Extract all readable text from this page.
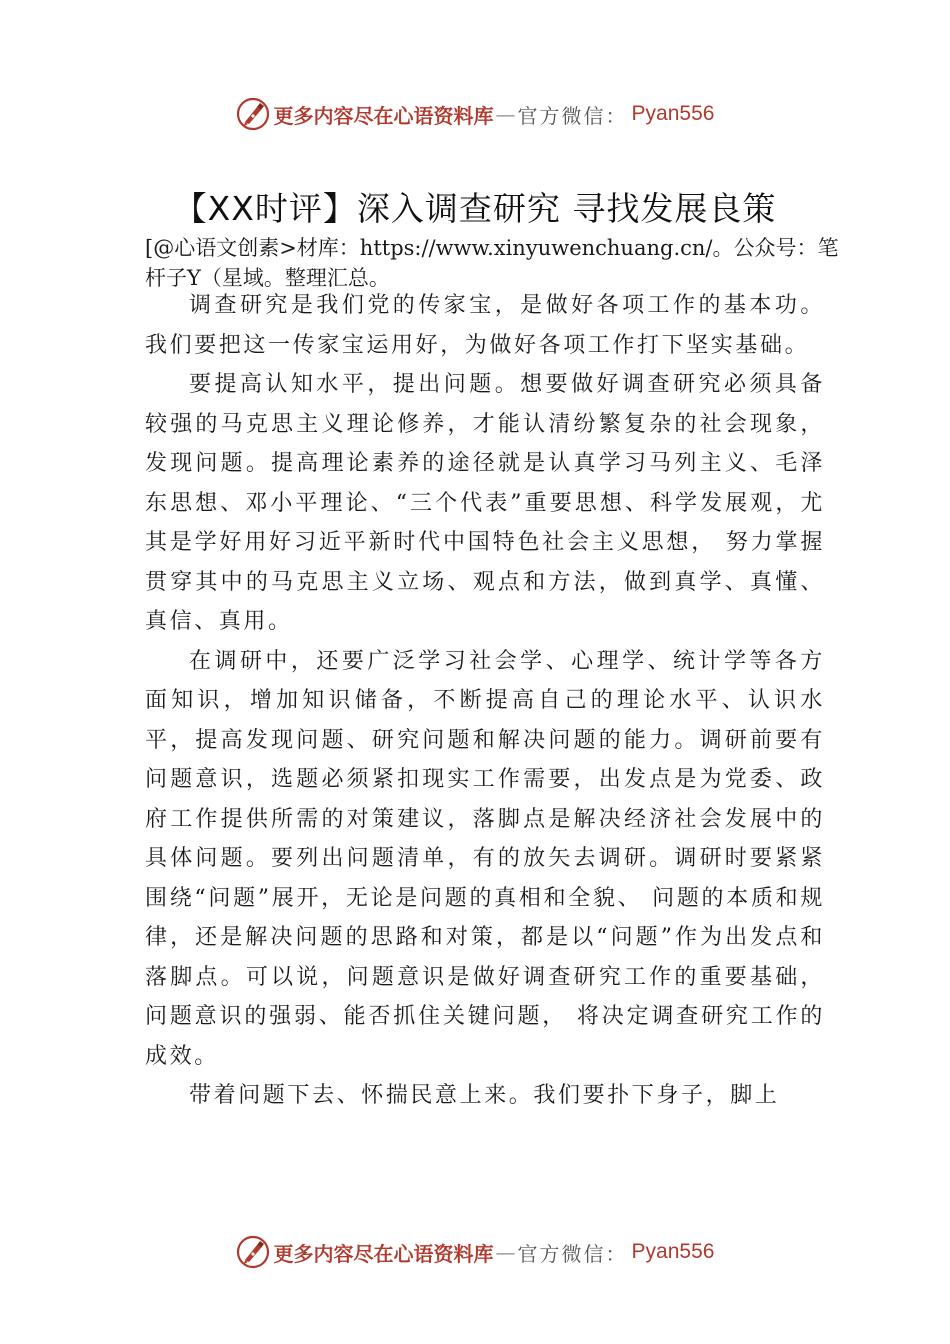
更多内容尽在心语资料库 — 官方微信： Pyan556
【XX时评】深入调查研究 寻找发展良策
[@心语文创素>材库：https://www.xinyuwenchuang.cn/。公众号：笔杆子Y（星域。整理汇总。

调查研究是我们党的传家宝，是做好各项工作的基本功。我们要把这一传家宝运用好，为做好各项工作打下坚实基础。

要提高认知水平，提出问题。想要做好调查研究必须具备较强的马克思主义理论修养，才能认清纷繁复杂的社会现象，发现问题。提高理论素养的途径就是认真学习马列主义、毛泽东思想、邓小平理论、“三个代表”重要思想、科学发展观，尤其是学好用好习近平新时代中国特色社会主义思想， 努力掌握贯穿其中的马克思主义立场、观点和方法，做到真学、真懂、真信、真用。

在调研中，还要广泛学习社会学、心理学、统计学等各方面知识，增加知识储备，不断提高自己的理论水平、认识水平，提高发现问题、研究问题和解决问题的能力。调研前要有问题意识，选题必须紧扣现实工作需要，出发点是为党委、政府工作提供所需的对策建议，落脚点是解决经济社会发展中的具体问题。要列出问题清单，有的放矢去调研。调研时要紧紧围绕“问题”展开，无论是问题的真相和全貌、 问题的本质和规律，还是解决问题的思路和对策，都是以“问题”作为出发点和落脚点。可以说，问题意识是做好调查研究工作的重要基础，问题意识的强弱、能否抓住关键问题， 将决定调查研究工作的成效。

带着问题下去、怀揣民意上来。我们要扑下身子，脚上

更多内容尽在心语资料库 — 官方微信： Pyan556
